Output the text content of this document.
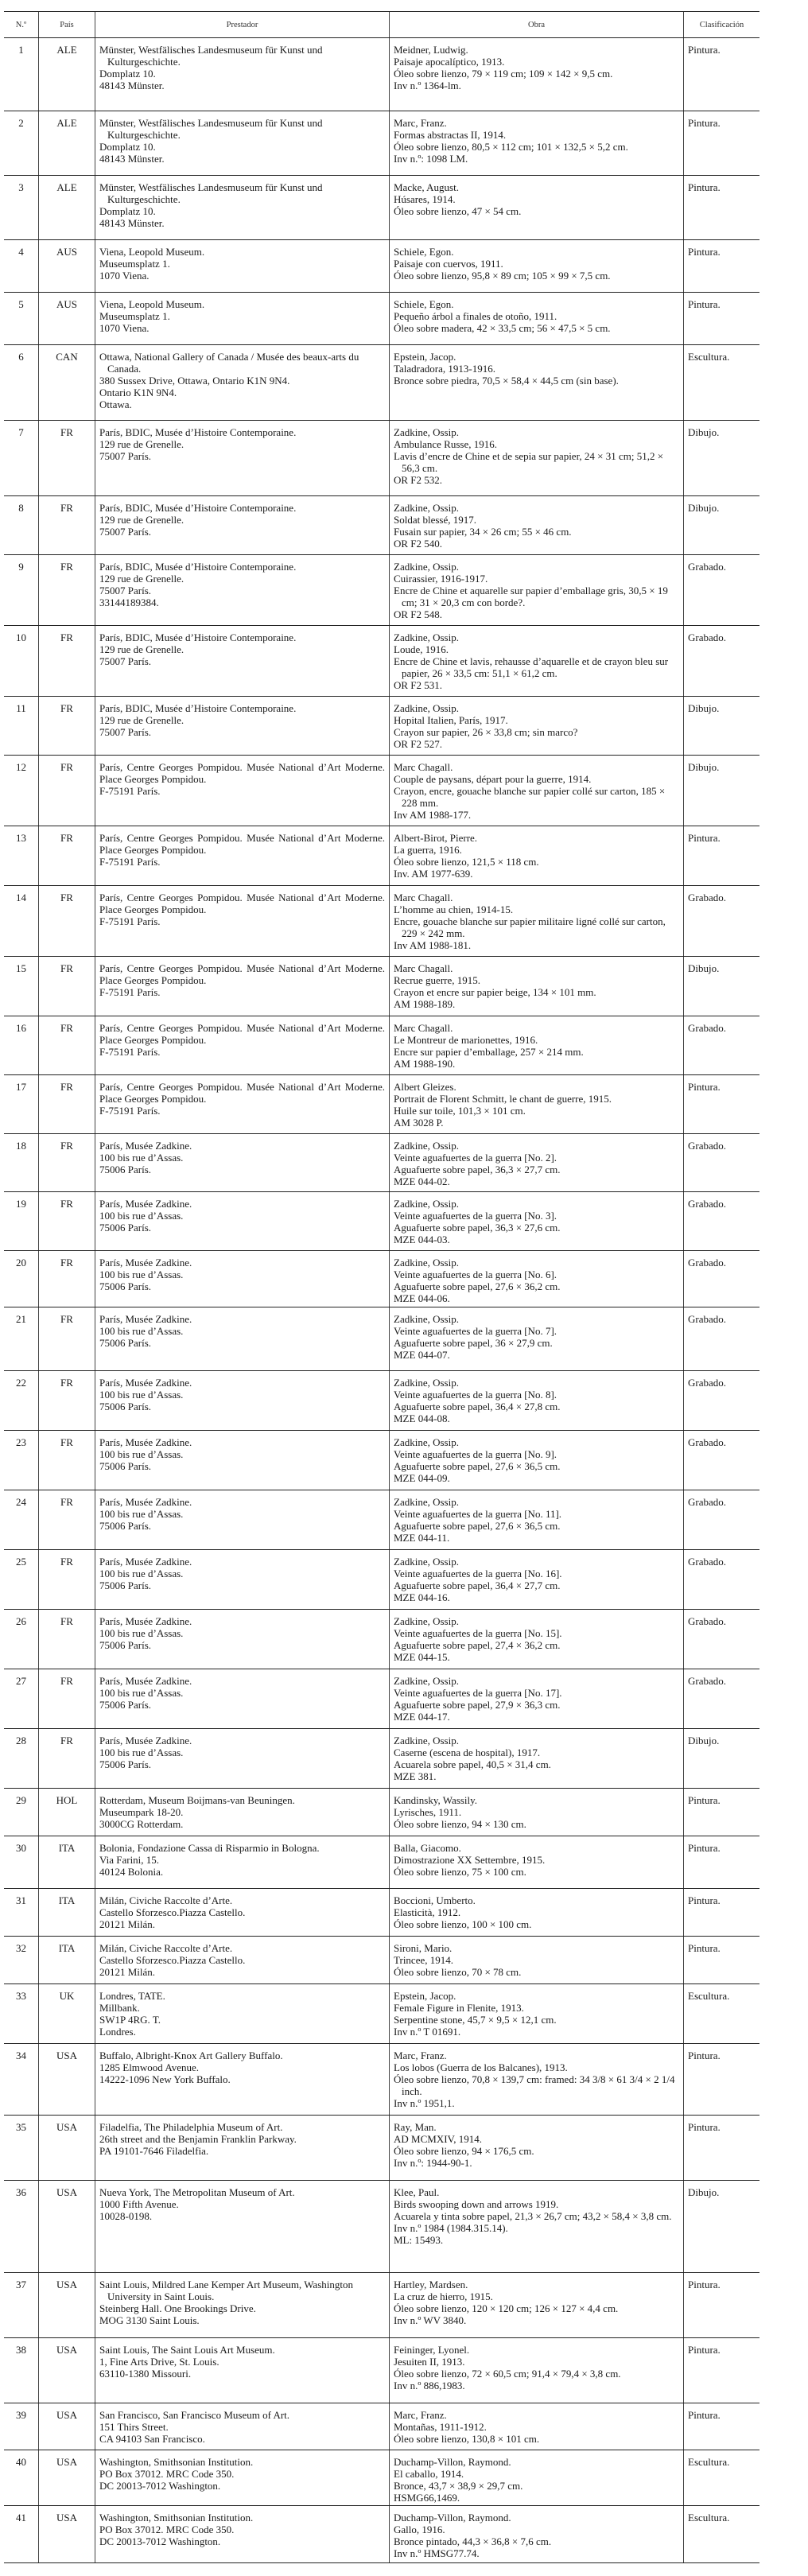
N.º	País	Prestador	Obra	Clasificación
1	ALE	Münster, Westfälisches Landesmuseum für Kunst und Kulturgeschichte.
Domplatz 10.
48143 Münster.	Meidner, Ludwig.
Paisaje apocalíptico, 1913.
Óleo sobre lienzo, 79 × 119 cm; 109 × 142 × 9,5 cm.
Inv n.º 1364-lm.	Pintura.
2	ALE	Münster, Westfälisches Landesmuseum für Kunst und Kulturgeschichte.
Domplatz 10.
48143 Münster.	Marc, Franz.
Formas abstractas II, 1914.
Óleo sobre lienzo, 80,5 × 112 cm; 101 × 132,5 × 5,2 cm.
Inv n.º: 1098 LM.	Pintura.
3	ALE	Münster, Westfälisches Landesmuseum für Kunst und Kulturgeschichte.
Domplatz 10.
48143 Münster.	Macke, August.
Húsares, 1914.
Óleo sobre lienzo, 47 × 54 cm.	Pintura.
4	AUS	Viena, Leopold Museum.
Museumsplatz 1.
1070 Viena.	Schiele, Egon.
Paisaje con cuervos, 1911.
Óleo sobre lienzo, 95,8 × 89 cm; 105 × 99 × 7,5 cm.	Pintura.
5	AUS	Viena, Leopold Museum.
Museumsplatz 1.
1070 Viena.	Schiele, Egon.
Pequeño árbol a finales de otoño, 1911.
Óleo sobre madera, 42 × 33,5 cm; 56 × 47,5 × 5 cm.	Pintura.
6	CAN	Ottawa, National Gallery of Canada / Musée des beaux-arts du Canada.
380 Sussex Drive, Ottawa, Ontario K1N 9N4.
Ontario K1N 9N4.
Ottawa.	Epstein, Jacop.
Taladradora, 1913-1916.
Bronce sobre piedra, 70,5 × 58,4 × 44,5 cm (sin base).	Escultura.
7	FR	París, BDIC, Musée d’Histoire Contemporaine.
129 rue de Grenelle.
75007 París.	Zadkine, Ossip.
Ambulance Russe, 1916.
Lavis d’encre de Chine et de sepia sur papier, 24 × 31 cm; 51,2 × 56,3 cm.
OR F2 532.	Dibujo.
8	FR	París, BDIC, Musée d’Histoire Contemporaine.
129 rue de Grenelle.
75007 París.	Zadkine, Ossip.
Soldat blessé, 1917.
Fusain sur papier, 34 × 26 cm; 55 × 46 cm.
OR F2 540.	Dibujo.
9	FR	París, BDIC, Musée d’Histoire Contemporaine.
129 rue de Grenelle.
75007 París.
33144189384.	Zadkine, Ossip.
Cuirassier, 1916-1917.
Encre de Chine et aquarelle sur papier d’emballage gris, 30,5 × 19 cm; 31 × 20,3 cm con borde?.
OR F2 548.	Grabado.
10	FR	París, BDIC, Musée d’Histoire Contemporaine.
129 rue de Grenelle.
75007 París.	Zadkine, Ossip.
Loude, 1916.
Encre de Chine et lavis, rehausse d’aquarelle et de crayon bleu sur papier, 26 × 33,5 cm: 51,1 × 61,2 cm.
OR F2 531.	Grabado.
11	FR	París, BDIC, Musée d’Histoire Contemporaine.
129 rue de Grenelle.
75007 París.	Zadkine, Ossip.
Hopital Italien, París, 1917.
Crayon sur papier, 26 × 33,8 cm; sin marco?
OR F2 527.	Dibujo.
12	FR	París, Centre Georges Pompidou. Musée National d’Art Moderne.
Place Georges Pompidou.
F-75191 París.	Marc Chagall.
Couple de paysans, départ pour la guerre, 1914.
Crayon, encre, gouache blanche sur papier collé sur carton, 185 × 228 mm.
Inv AM 1988-177.	Dibujo.
13	FR	París, Centre Georges Pompidou. Musée National d’Art Moderne.
Place Georges Pompidou.
F-75191 París.	Albert-Birot, Pierre.
La guerra, 1916.
Óleo sobre lienzo, 121,5 × 118 cm.
Inv. AM 1977-639.	Pintura.
14	FR	París, Centre Georges Pompidou. Musée National d’Art Moderne.
Place Georges Pompidou.
F-75191 París.	Marc Chagall.
L’homme au chien, 1914-15.
Encre, gouache blanche sur papier militaire ligné collé sur carton, 229 × 242 mm.
Inv AM 1988-181.	Grabado.
15	FR	París, Centre Georges Pompidou. Musée National d’Art Moderne.
Place Georges Pompidou.
F-75191 París.	Marc Chagall.
Recrue guerre, 1915.
Crayon et encre sur papier beige, 134 × 101 mm.
AM 1988-189.	Dibujo.
16	FR	París, Centre Georges Pompidou. Musée National d’Art Moderne.
Place Georges Pompidou.
F-75191 París.	Marc Chagall.
Le Montreur de marionettes, 1916.
Encre sur papier d’emballage, 257 × 214 mm.
AM 1988-190.	Grabado.
17	FR	París, Centre Georges Pompidou. Musée National d’Art Moderne.
Place Georges Pompidou.
F-75191 París.	Albert Gleizes.
Portrait de Florent Schmitt, le chant de guerre, 1915.
Huile sur toile, 101,3 × 101 cm.
AM 3028 P.	Pintura.
18	FR	París, Musée Zadkine.
100 bis rue d’Assas.
75006 París.	Zadkine, Ossip.
Veinte aguafuertes de la guerra [No. 2].
Aguafuerte sobre papel, 36,3 × 27,7 cm.
MZE 044-02.	Grabado.
19	FR	París, Musée Zadkine.
100 bis rue d’Assas.
75006 París.	Zadkine, Ossip.
Veinte aguafuertes de la guerra [No. 3].
Aguafuerte sobre papel, 36,3 × 27,6 cm.
MZE 044-03.	Grabado.
20	FR	París, Musée Zadkine.
100 bis rue d’Assas.
75006 París.	Zadkine, Ossip.
Veinte aguafuertes de la guerra [No. 6].
Aguafuerte sobre papel, 27,6 × 36,2 cm.
MZE 044-06.	Grabado.
21	FR	París, Musée Zadkine.
100 bis rue d’Assas.
75006 París.	Zadkine, Ossip.
Veinte aguafuertes de la guerra [No. 7].
Aguafuerte sobre papel, 36 × 27,9 cm.
MZE 044-07.	Grabado.
22	FR	París, Musée Zadkine.
100 bis rue d’Assas.
75006 París.	Zadkine, Ossip.
Veinte aguafuertes de la guerra [No. 8].
Aguafuerte sobre papel, 36,4 × 27,8 cm.
MZE 044-08.	Grabado.
23	FR	París, Musée Zadkine.
100 bis rue d’Assas.
75006 París.	Zadkine, Ossip.
Veinte aguafuertes de la guerra [No. 9].
Aguafuerte sobre papel, 27,6 × 36,5 cm.
MZE 044-09.	Grabado.
24	FR	París, Musée Zadkine.
100 bis rue d’Assas.
75006 París.	Zadkine, Ossip.
Veinte aguafuertes de la guerra [No. 11].
Aguafuerte sobre papel, 27,6 × 36,5 cm.
MZE 044-11.	Grabado.
25	FR	París, Musée Zadkine.
100 bis rue d’Assas.
75006 París.	Zadkine, Ossip.
Veinte aguafuertes de la guerra [No. 16].
Aguafuerte sobre papel, 36,4 × 27,7 cm.
MZE 044-16.	Grabado.
26	FR	París, Musée Zadkine.
100 bis rue d’Assas.
75006 París.	Zadkine, Ossip.
Veinte aguafuertes de la guerra [No. 15].
Aguafuerte sobre papel, 27,4 × 36,2 cm.
MZE 044-15.	Grabado.
27	FR	París, Musée Zadkine.
100 bis rue d’Assas.
75006 París.	Zadkine, Ossip.
Veinte aguafuertes de la guerra [No. 17].
Aguafuerte sobre papel, 27,9 × 36,3 cm.
MZE 044-17.	Grabado.
28	FR	París, Musée Zadkine.
100 bis rue d’Assas.
75006 París.	Zadkine, Ossip.
Caserne (escena de hospital), 1917.
Acuarela sobre papel, 40,5 × 31,4 cm.
MZE 381.	Dibujo.
29	HOL	Rotterdam, Museum Boijmans-van Beuningen.
Museumpark 18-20.
3000CG Rotterdam.	Kandinsky, Wassily.
Lyrisches, 1911.
Óleo sobre lienzo, 94 × 130 cm.	Pintura.
30	ITA	Bolonia, Fondazione Cassa di Risparmio in Bologna.
Via Farini, 15.
40124 Bolonia.	Balla, Giacomo.
Dimostrazione XX Settembre, 1915.
Óleo sobre lienzo, 75 × 100 cm.	Pintura.
31	ITA	Milán, Civiche Raccolte d’Arte.
Castello Sforzesco.Piazza Castello.
20121 Milán.	Boccioni, Umberto.
Elasticità, 1912.
Óleo sobre lienzo, 100 × 100 cm.	Pintura.
32	ITA	Milán, Civiche Raccolte d’Arte.
Castello Sforzesco.Piazza Castello.
20121 Milán.	Sironi, Mario.
Trincee, 1914.
Óleo sobre lienzo, 70 × 78 cm.	Pintura.
33	UK	Londres, TATE.
Millbank.
SW1P 4RG. T.
Londres.	Epstein, Jacop.
Female Figure in Flenite, 1913.
Serpentine stone, 45,7 × 9,5 × 12,1 cm.
Inv n.º T 01691.	Escultura.
34	USA	Buffalo, Albright-Knox Art Gallery Buffalo.
1285 Elmwood Avenue.
14222-1096 New York Buffalo.	Marc, Franz.
Los lobos (Guerra de los Balcanes), 1913.
Óleo sobre lienzo, 70,8 × 139,7 cm: framed: 34 3/8 × 61 3/4 × 2 1/4 inch.
Inv n.º 1951,1.	Pintura.
35	USA	Filadelfia, The Philadelphia Museum of Art.
26th street and the Benjamin Franklin Parkway.
PA 19101-7646 Filadelfia.	Ray, Man.
AD MCMXIV, 1914.
Óleo sobre lienzo, 94 × 176,5 cm.
Inv n.º: 1944-90-1.	Pintura.
36	USA	Nueva York, The Metropolitan Museum of Art.
1000 Fifth Avenue.
10028-0198.	Klee, Paul.
Birds swooping down and arrows 1919.
Acuarela y tinta sobre papel, 21,3 × 26,7 cm; 43,2 × 58,4 × 3,8 cm.
Inv n.º 1984 (1984.315.14).
ML: 15493.	Dibujo.
37	USA	Saint Louis, Mildred Lane Kemper Art Museum, Washington University in Saint Louis.
Steinberg Hall. One Brookings Drive.
MOG 3130 Saint Louis.	Hartley, Mardsen.
La cruz de hierro, 1915.
Óleo sobre lienzo, 120 × 120 cm; 126 × 127 × 4,4 cm.
Inv n.º WV 3840.	Pintura.
38	USA	Saint Louis, The Saint Louis Art Museum.
1, Fine Arts Drive, St. Louis.
63110-1380 Missouri.	Feininger, Lyonel.
Jesuiten II, 1913.
Óleo sobre lienzo, 72 × 60,5 cm; 91,4 × 79,4 × 3,8 cm.
Inv n.º 886,1983.	Pintura.
39	USA	San Francisco, San Francisco Museum of Art.
151 Thirs Street.
CA 94103 San Francisco.	Marc, Franz.
Montañas, 1911-1912.
Óleo sobre lienzo, 130,8 × 101 cm.	Pintura.
40	USA	Washington, Smithsonian Institution.
PO Box 37012. MRC Code 350.
DC 20013-7012 Washington.	Duchamp-Villon, Raymond.
El caballo, 1914.
Bronce, 43,7 × 38,9 × 29,7 cm.
HSMG66,1469.	Escultura.
41	USA	Washington, Smithsonian Institution.
PO Box 37012. MRC Code 350.
DC 20013-7012 Washington.	Duchamp-Villon, Raymond.
Gallo, 1916.
Bronce pintado, 44,3 × 36,8 × 7,6 cm.
Inv n.º HMSG77.74.	Escultura.
